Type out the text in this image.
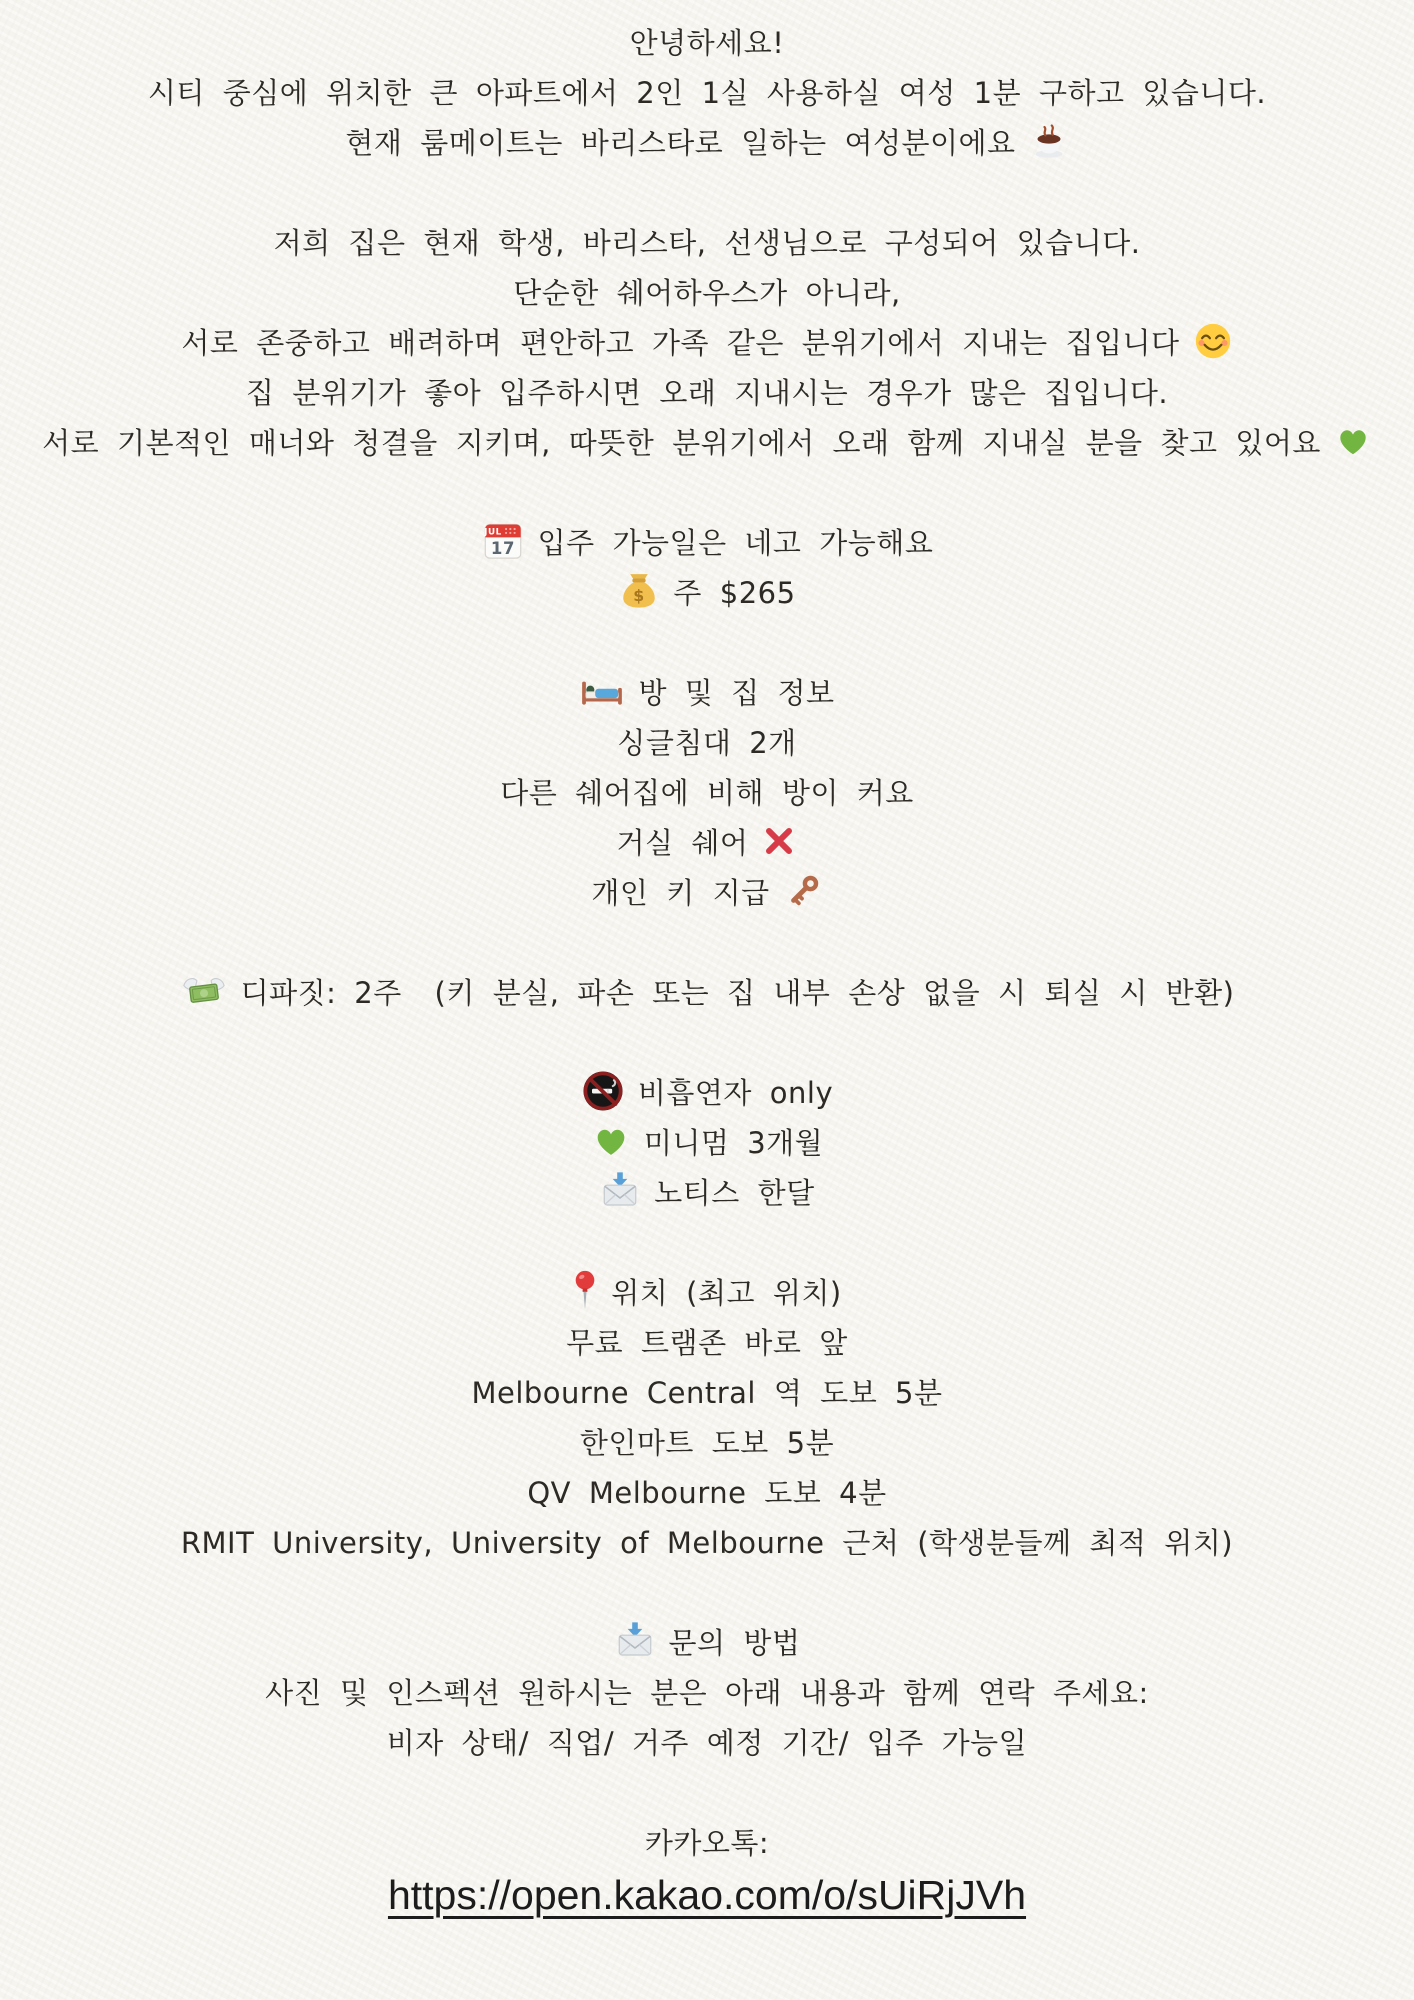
안녕하세요!
시티 중심에 위치한 큰 아파트에서 2인 1실 사용하실 여성 1분 구하고 있습니다.
현재 룸메이트는 바리스타로 일하는 여성분이에요
저희 집은 현재 학생, 바리스타, 선생님으로 구성되어 있습니다.
단순한 쉐어하우스가 아니라,
서로 존중하고 배려하며 편안하고 가족 같은 분위기에서 지내는 집입니다
집 분위기가 좋아 입주하시면 오래 지내시는 경우가 많은 집입니다.
서로 기본적인 매너와 청결을 지키며, 따뜻한 분위기에서 오래 함께 지내실 분을 찾고 있어요
JUL
17 입주 가능일은 네고 가능해요
$ 주 $265
방 및 집 정보
싱글침대 2개
다른 쉐어집에 비해 방이 커요
거실 쉐어
개인 키 지급
디파짓: 2주  (키 분실, 파손 또는 집 내부 손상 없을 시 퇴실 시 반환)
비흡연자 only
미니멈 3개월
노티스 한달
위치 (최고 위치)
무료 트램존 바로 앞
Melbourne Central 역 도보 5분
한인마트 도보 5분
QV Melbourne 도보 4분
RMIT University, University of Melbourne 근처 (학생분들께 최적 위치)
문의 방법
사진 및 인스펙션 원하시는 분은 아래 내용과 함께 연락 주세요:
비자 상태/ 직업/ 거주 예정 기간/ 입주 가능일
카카오톡:
https://open.kakao.com/o/sUiRjJVh
